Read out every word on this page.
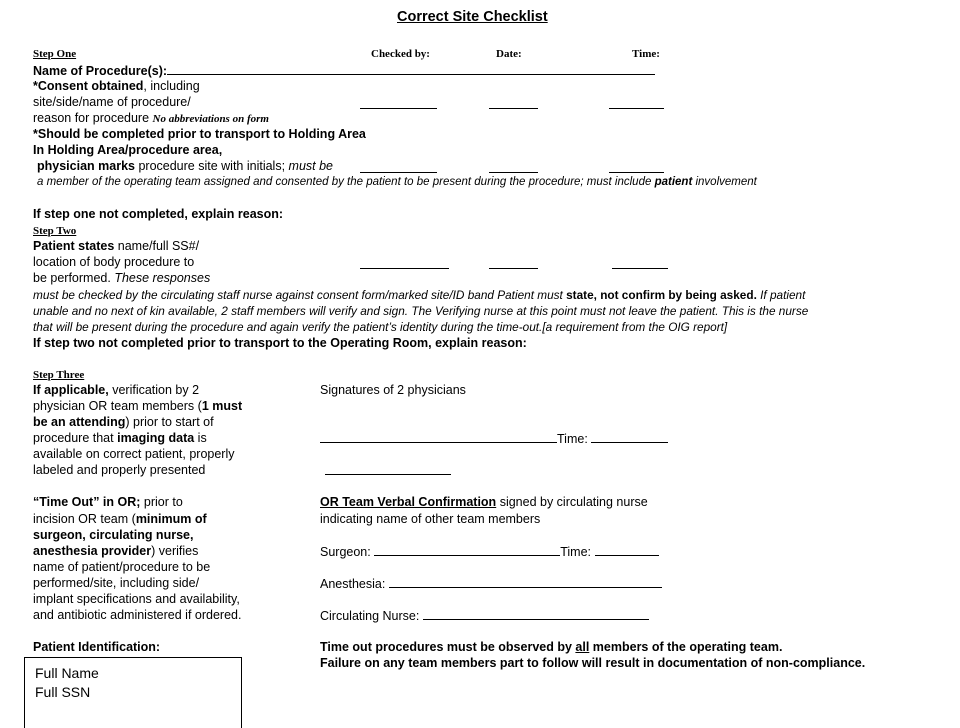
Correct Site Checklist
Step One	Checked by:	Date:	Time:
Name of Procedure(s):
*Consent obtained, including
site/side/name of procedure/
reason for procedure No abbreviations on form
*Should be completed prior to transport to Holding Area
In Holding Area/procedure area,
physician marks procedure site with initials; must be
a member of the operating team assigned and consented by the patient to be present during the procedure; must include patient involvement
If step one not completed, explain reason:
Step Two
Patient states name/full SS#/
location of body procedure to
be performed. These responses
must be checked by the circulating staff nurse against consent form/marked site/ID band Patient must state, not confirm by being asked. If patient
unable and no next of kin available, 2 staff members will verify and sign. The Verifying nurse at this point must not leave the patient. This is the nurse
that will be present during the procedure and again verify the patient’s identity during the time-out.[a requirement from the OIG report]
If step two not completed prior to transport to the Operating Room, explain reason:
Step Three
If applicable, verification by 2
physician OR team members (1 must
be an attending) prior to start of
procedure that imaging data is
available on correct patient, properly
labeled and properly presented
Signatures of 2 physicians
Time:
“Time Out” in OR; prior to
incision OR team (minimum of
surgeon, circulating nurse,
anesthesia provider) verifies
name of patient/procedure to be
performed/site, including side/
implant specifications and availability,
and antibiotic administered if ordered.
OR Team Verbal Confirmation signed by circulating nurse
indicating name of other team members
Surgeon:	Time:
Anesthesia:
Circulating Nurse:
Patient Identification:	Time out procedures must be observed by all members of the operating team.
Failure on any team members part to follow will result in documentation of non-compliance.
Full Name
Full SSN
